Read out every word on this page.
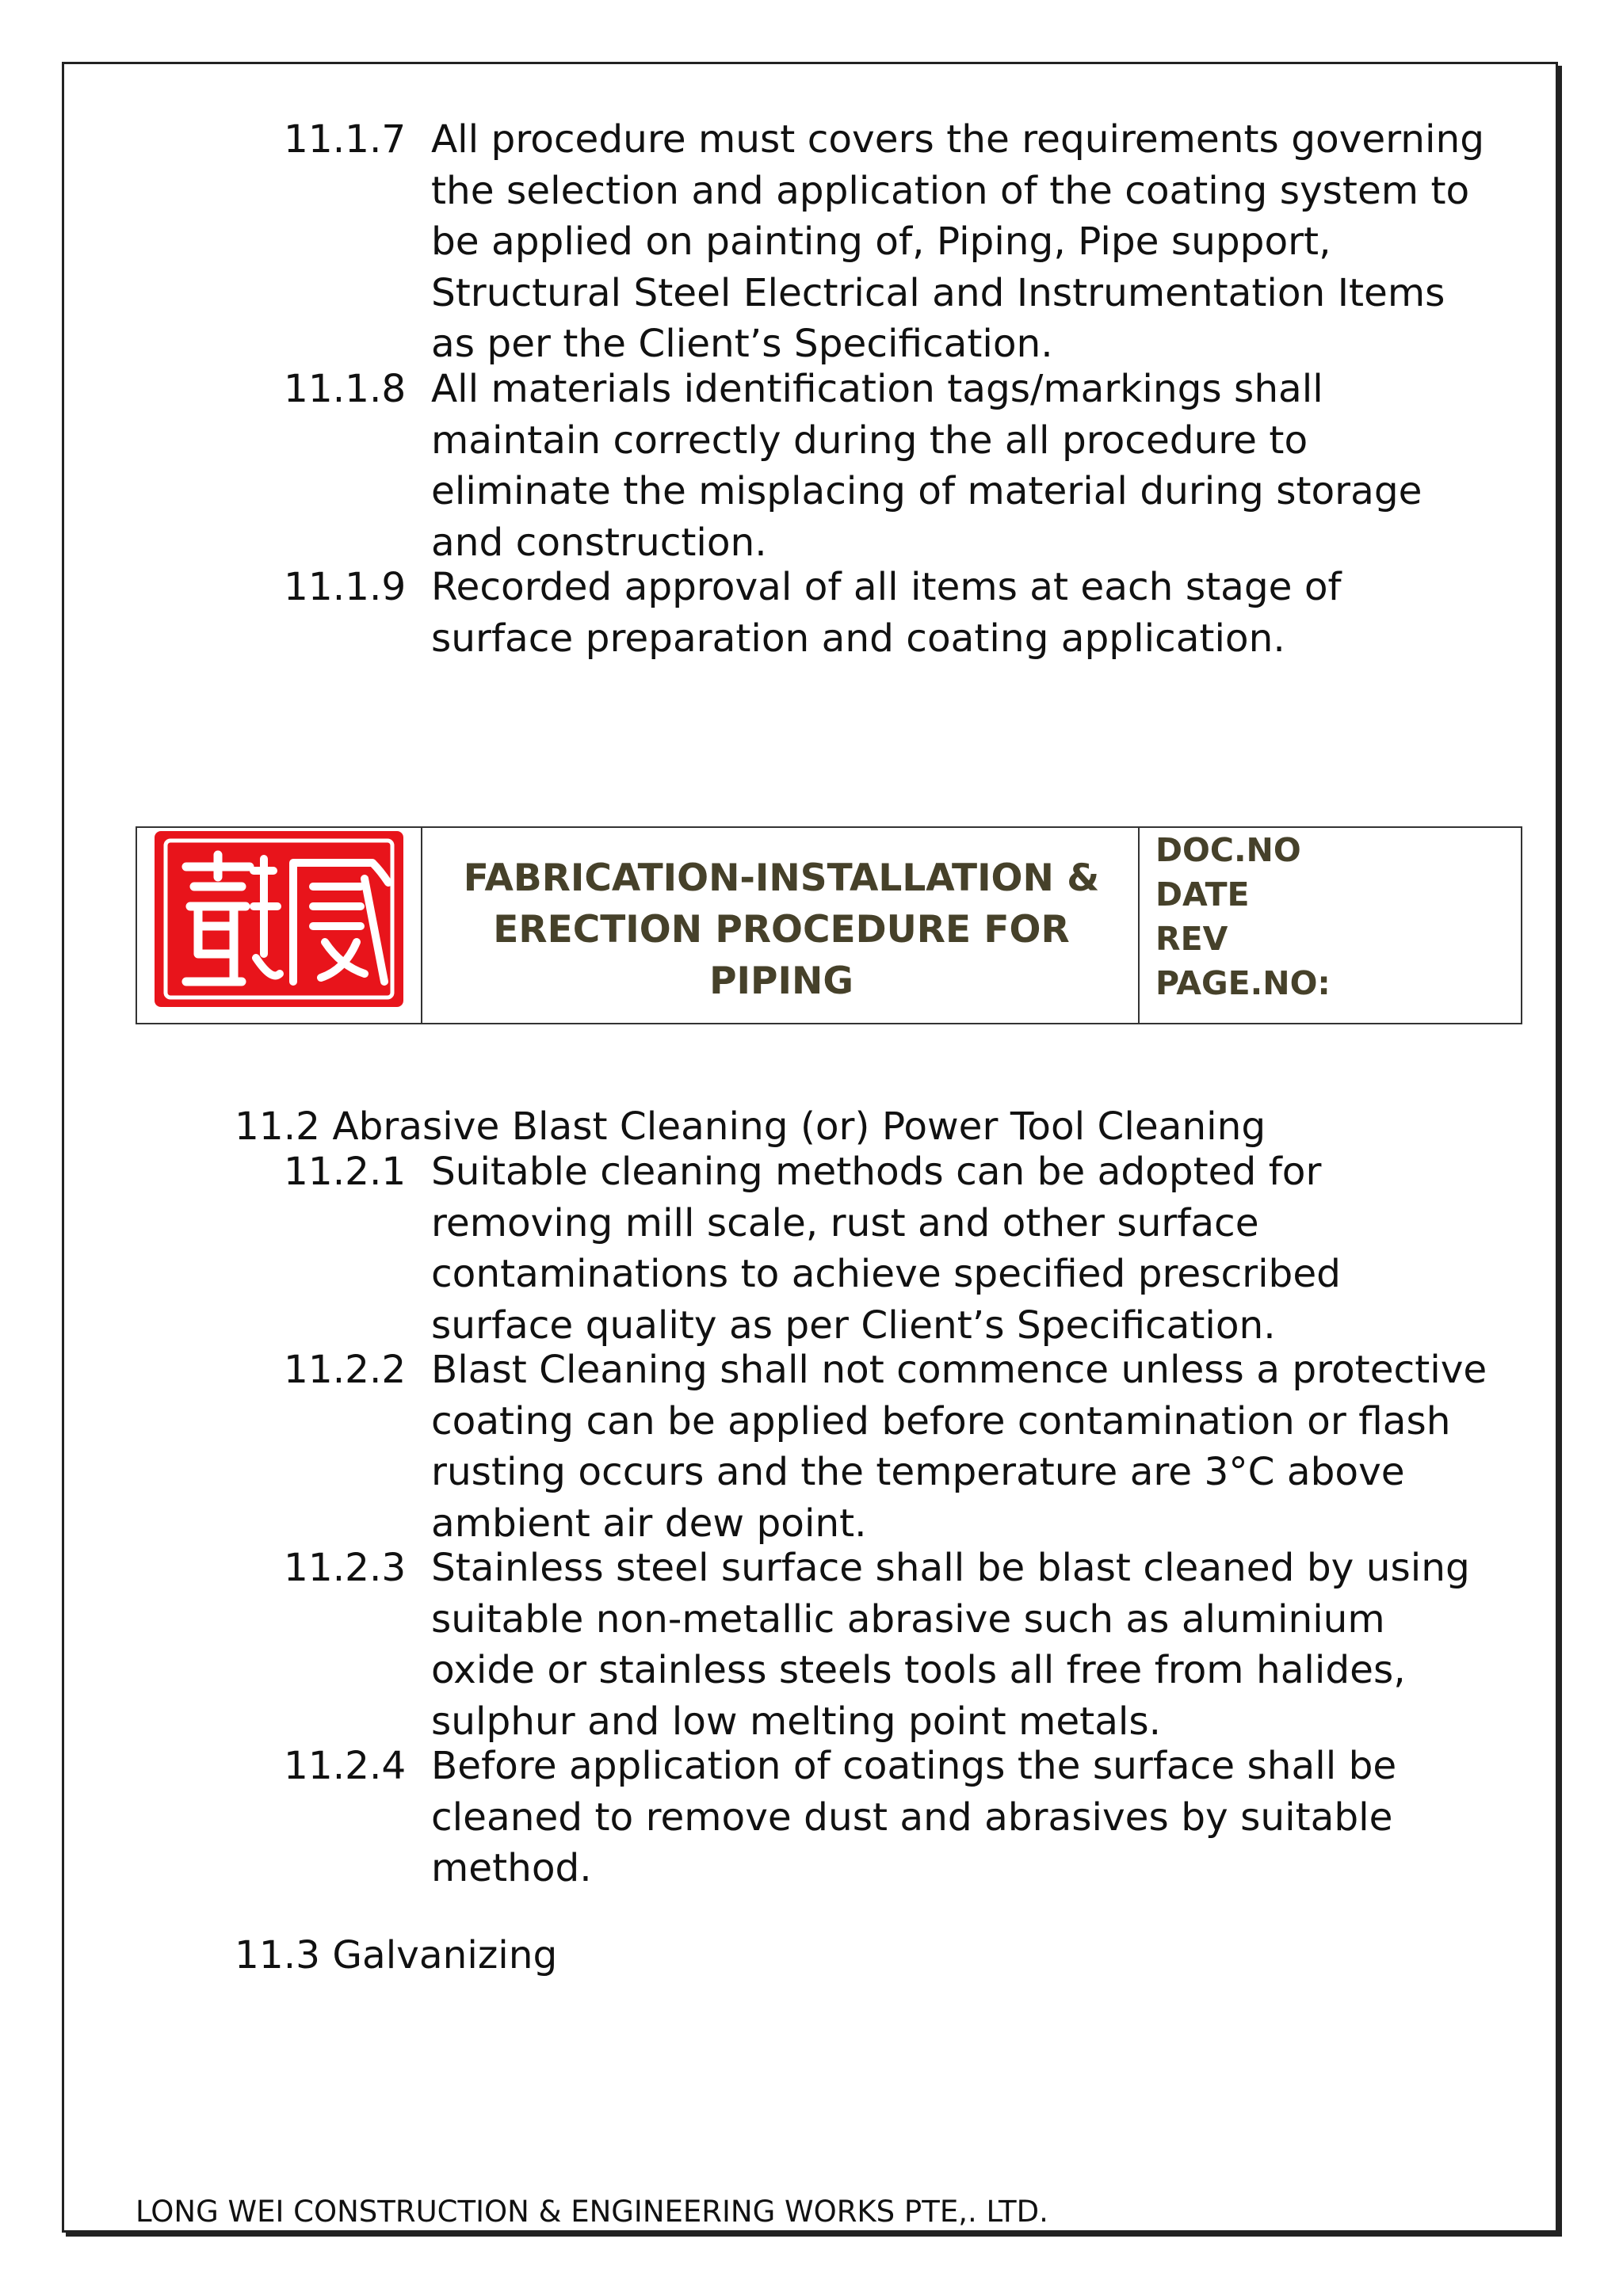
11.1.7 All procedure must covers the requirements governing
the selection and application of the coating system to
be applied on painting of, Piping, Pipe support,
Structural Steel Electrical and Instrumentation Items
as per the Client’s Specification.
11.1.8 All materials identification tags/markings shall
maintain correctly during the all procedure to
eliminate the misplacing of material during storage
and construction.
11.1.9 Recorded approval of all items at each stage of
surface preparation and coating application.
FABRICATION-INSTALLATION &
ERECTION PROCEDURE FOR
PIPING
DOC.NO
DATE
REV
PAGE.NO:
11.2 Abrasive Blast Cleaning (or) Power Tool Cleaning
11.2.1 Suitable cleaning methods can be adopted for
removing mill scale, rust and other surface
contaminations to achieve specified prescribed
surface quality as per Client’s Specification.
11.2.2 Blast Cleaning shall not commence unless a protective
coating can be applied before contamination or flash
rusting occurs and the temperature are 3°C above
ambient air dew point.
11.2.3 Stainless steel surface shall be blast cleaned by using
suitable non-metallic abrasive such as aluminium
oxide or stainless steels tools all free from halides,
sulphur and low melting point metals.
11.2.4 Before application of coatings the surface shall be
cleaned to remove dust and abrasives by suitable
method.
11.3 Galvanizing
LONG WEI CONSTRUCTION & ENGINEERING WORKS PTE,. LTD.
